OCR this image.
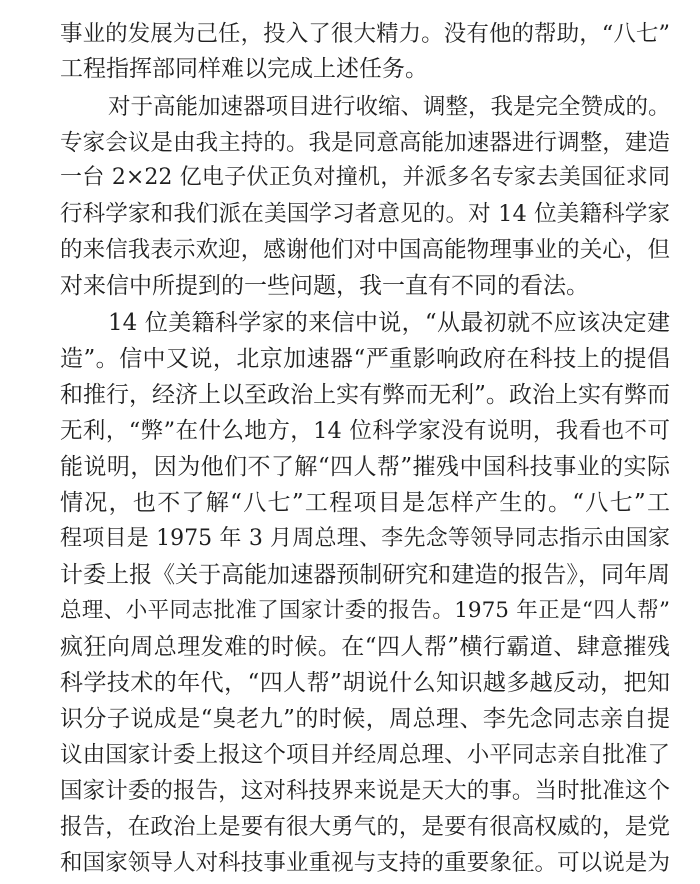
事业的发展为己任，投入了很大精力。没有他的帮助，“八七”
工程指挥部同样难以完成上述任务。
对于高能加速器项目进行收缩、调整，我是完全赞成的。
专家会议是由我主持的。我是同意高能加速器进行调整，建造
一台 2×22 亿电子伏正负对撞机，并派多名专家去美国征求同
行科学家和我们派在美国学习者意见的。对 14 位美籍科学家
的来信我表示欢迎，感谢他们对中国高能物理事业的关心，但
对来信中所提到的一些问题，我一直有不同的看法。
14 位美籍科学家的来信中说，“从最初就不应该决定建
造”。信中又说，北京加速器“严重影响政府在科技上的提倡
和推行，经济上以至政治上实有弊而无利”。政治上实有弊而
无利，“弊”在什么地方，14 位科学家没有说明，我看也不可
能说明，因为他们不了解“四人帮”摧残中国科技事业的实际
情况，也不了解“八七”工程项目是怎样产生的。“八七”工
程项目是 1975 年 3 月周总理、李先念等领导同志指示由国家
计委上报《关于高能加速器预制研究和建造的报告》，同年周
总理、小平同志批准了国家计委的报告。1975 年正是“四人帮”
疯狂向周总理发难的时候。在“四人帮”横行霸道、肆意摧残
科学技术的年代，“四人帮”胡说什么知识越多越反动，把知
识分子说成是“臭老九”的时候，周总理、李先念同志亲自提
议由国家计委上报这个项目并经周总理、小平同志亲自批准了
国家计委的报告，这对科技界来说是天大的事。当时批准这个
报告，在政治上是要有很大勇气的，是要有很高权威的，是党
和国家领导人对科技事业重视与支持的重要象征。可以说是为
